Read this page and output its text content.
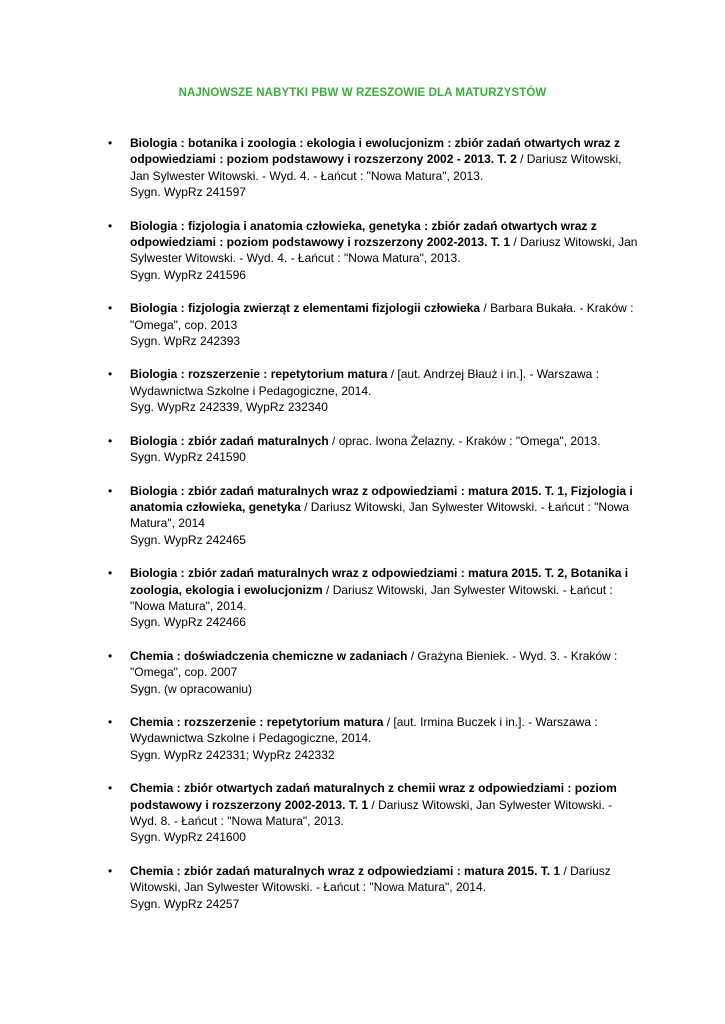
NAJNOWSZE NABYTKI PBW W RZESZOWIE DLA MATURZYSTÓW
• Biologia : botanika i zoologia : ekologia i ewolucjonizm : zbiór zadań otwartych wraz z odpowiedziami : poziom podstawowy i rozszerzony 2002 - 2013. T. 2 / Dariusz Witowski, Jan Sylwester Witowski. - Wyd. 4. - Łańcut : "Nowa Matura", 2013.
Sygn. WypRz 241597
• Biologia : fizjologia i anatomia człowieka, genetyka : zbiór zadań otwartych wraz z odpowiedziami : poziom podstawowy i rozszerzony 2002-2013. T. 1 / Dariusz Witowski, Jan Sylwester Witowski. - Wyd. 4. - Łańcut : "Nowa Matura", 2013.
Sygn. WypRz 241596
• Biologia : fizjologia zwierząt z elementami fizjologii człowieka / Barbara Bukała. - Kraków : "Omega", cop. 2013
Sygn. WpRz 242393
• Biologia : rozszerzenie : repetytorium matura / [aut. Andrzej Błauż i in.]. - Warszawa : Wydawnictwa Szkolne i Pedagogiczne, 2014.
Syg. WypRz 242339, WypRz 232340
• Biologia : zbiór zadań maturalnych / oprac. Iwona Żelazny. - Kraków : "Omega", 2013.
Sygn. WypRz 241590
• Biologia : zbiór zadań maturalnych wraz z odpowiedziami : matura 2015. T. 1, Fizjologia i anatomia człowieka, genetyka / Dariusz Witowski, Jan Sylwester Witowski. - Łańcut : "Nowa Matura", 2014
Sygn. WypRz 242465
• Biologia : zbiór zadań maturalnych wraz z odpowiedziami : matura 2015. T. 2, Botanika i zoologia, ekologia i ewolucjonizm / Dariusz Witowski, Jan Sylwester Witowski. - Łańcut : "Nowa Matura", 2014.
Sygn. WypRz 242466
• Chemia : doświadczenia chemiczne w zadaniach / Grażyna Bieniek. - Wyd. 3. - Kraków : "Omega", cop. 2007
Sygn. (w opracowaniu)
• Chemia : rozszerzenie : repetytorium matura / [aut. Irmina Buczek i in.]. - Warszawa : Wydawnictwa Szkolne i Pedagogiczne, 2014.
Sygn. WypRz 242331; WypRz 242332
• Chemia : zbiór otwartych zadań maturalnych z chemii wraz z odpowiedziami : poziom podstawowy i rozszerzony 2002-2013. T. 1 / Dariusz Witowski, Jan Sylwester Witowski. - Wyd. 8. - Łańcut : "Nowa Matura", 2013.
Sygn. WypRz 241600
• Chemia : zbiór zadań maturalnych wraz z odpowiedziami : matura 2015. T. 1 / Dariusz Witowski, Jan Sylwester Witowski. - Łańcut : "Nowa Matura", 2014.
Sygn. WypRz 24257
